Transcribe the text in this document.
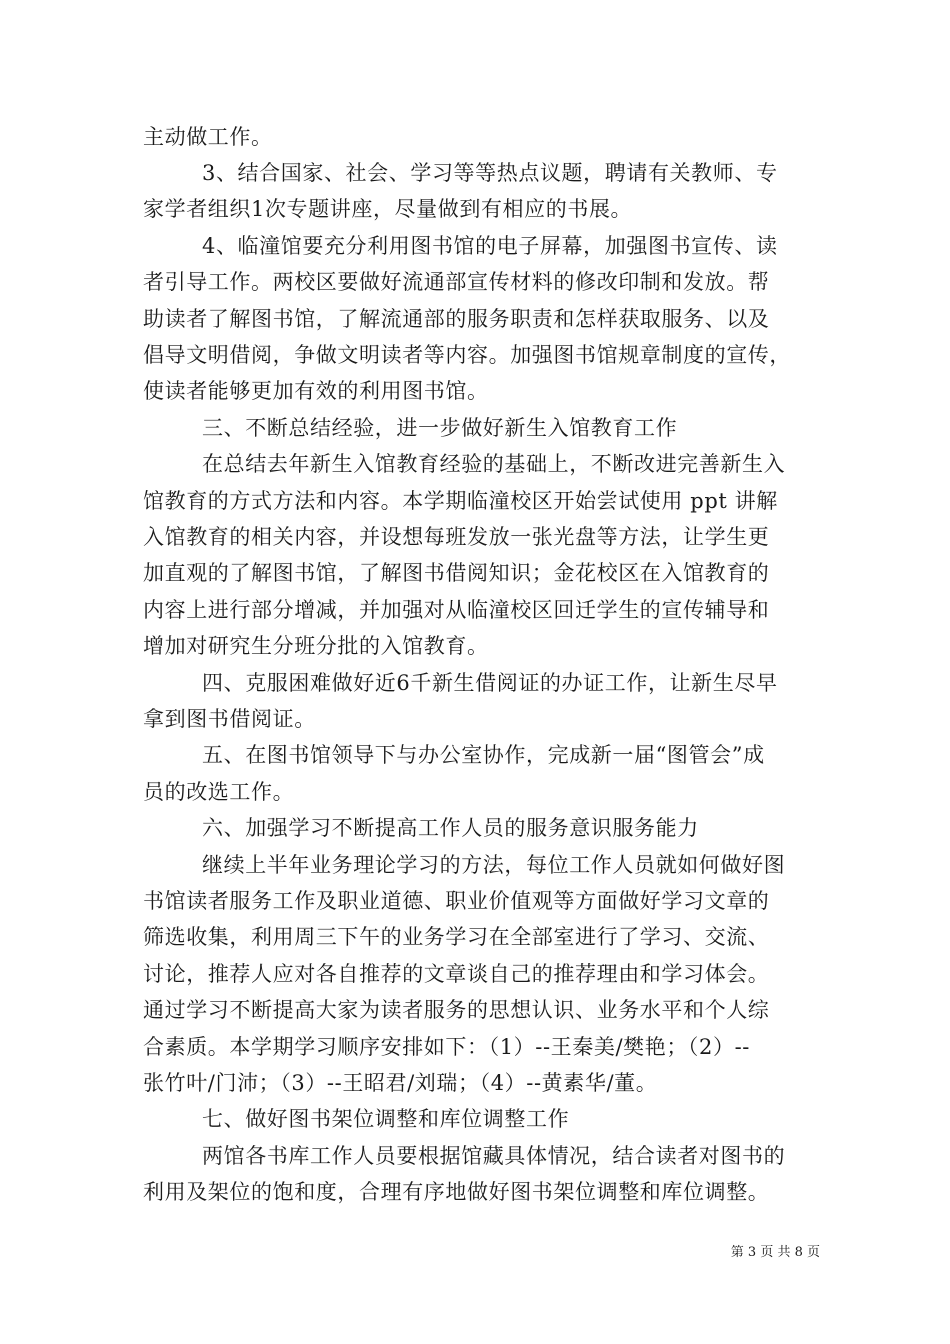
主动做工作。
3、结合国家、社会、学习等等热点议题，聘请有关教师、专
家学者组织1次专题讲座，尽量做到有相应的书展。
4、临潼馆要充分利用图书馆的电子屏幕，加强图书宣传、读
者引导工作。两校区要做好流通部宣传材料的修改印制和发放。帮
助读者了解图书馆，了解流通部的服务职责和怎样获取服务、以及
倡导文明借阅，争做文明读者等内容。加强图书馆规章制度的宣传，
使读者能够更加有效的利用图书馆。
三、不断总结经验，进一步做好新生入馆教育工作
在总结去年新生入馆教育经验的基础上，不断改进完善新生入
馆教育的方式方法和内容。本学期临潼校区开始尝试使用 ppt 讲解
入馆教育的相关内容，并设想每班发放一张光盘等方法，让学生更
加直观的了解图书馆，了解图书借阅知识；金花校区在入馆教育的
内容上进行部分增减，并加强对从临潼校区回迁学生的宣传辅导和
增加对研究生分班分批的入馆教育。
四、克服困难做好近6千新生借阅证的办证工作，让新生尽早
拿到图书借阅证。
五、在图书馆领导下与办公室协作，完成新一届“图管会”成
员的改选工作。
六、加强学习不断提高工作人员的服务意识服务能力
继续上半年业务理论学习的方法，每位工作人员就如何做好图
书馆读者服务工作及职业道德、职业价值观等方面做好学习文章的
筛选收集，利用周三下午的业务学习在全部室进行了学习、交流、
讨论，推荐人应对各自推荐的文章谈自己的推荐理由和学习体会。
通过学习不断提高大家为读者服务的思想认识、业务水平和个人综
合素质。本学期学习顺序安排如下：（1）--王秦美/樊艳；（2）--
张竹叶/门沛；（3）--王昭君/刘瑞；（4）--黄素华/董。
七、做好图书架位调整和库位调整工作
两馆各书库工作人员要根据馆藏具体情况，结合读者对图书的
利用及架位的饱和度，合理有序地做好图书架位调整和库位调整。
第 3 页 共 8 页
